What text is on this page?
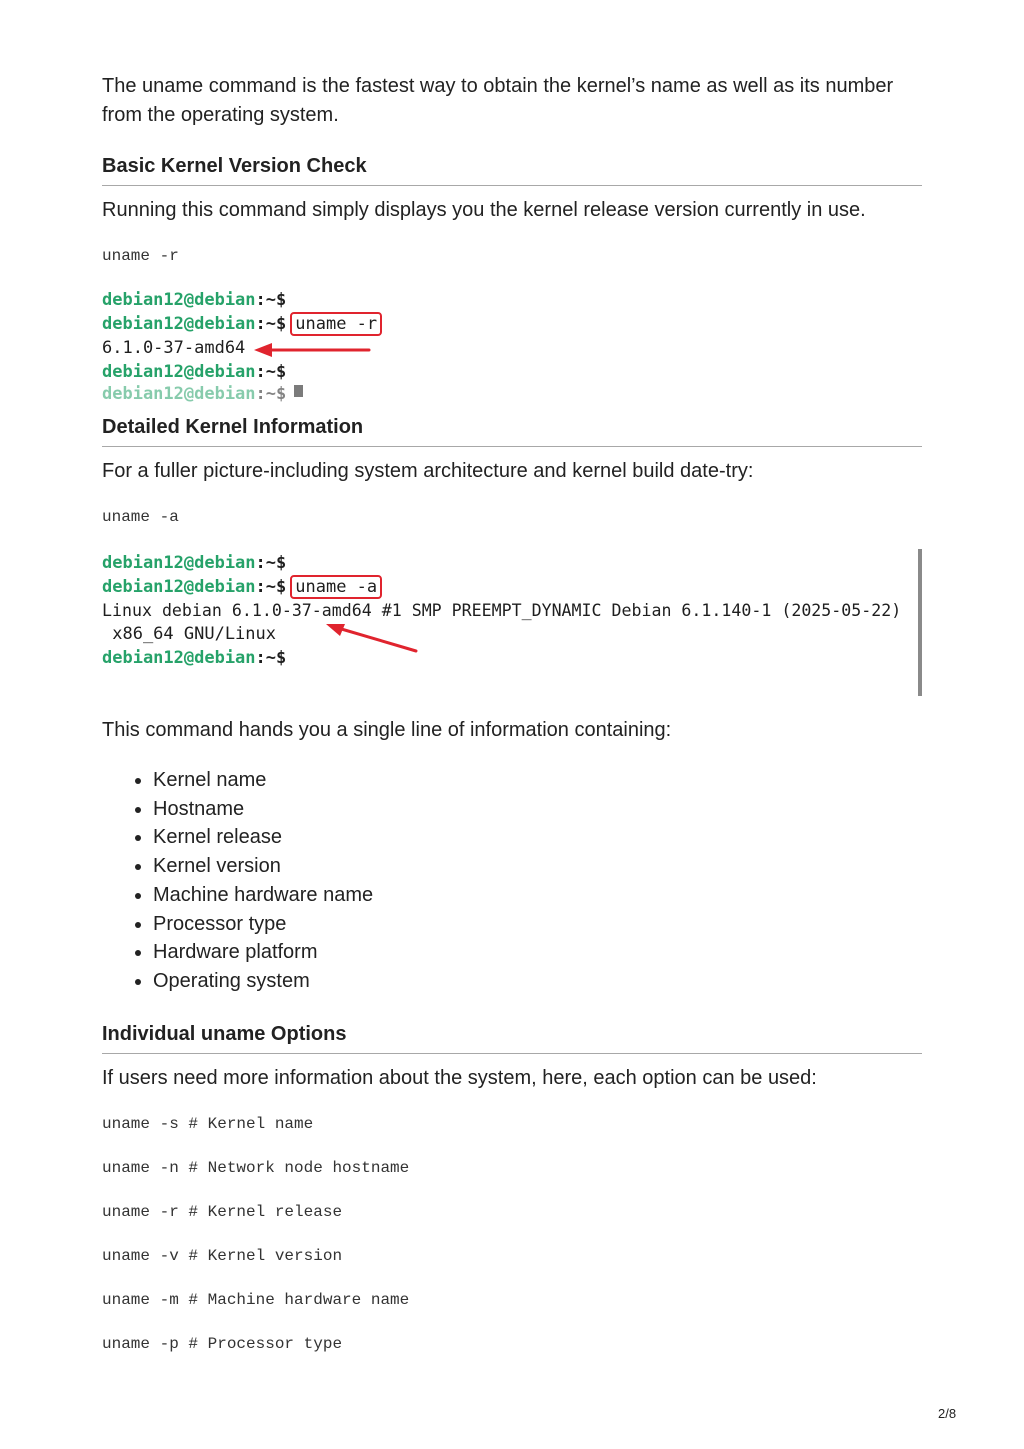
The uname command is the fastest way to obtain the kernel’s name as well as its number from the operating system.

Basic Kernel Version Check

Running this command simply displays you the kernel release version currently in use.

uname -r
debian12@debian:~$
debian12@debian:~$ uname -r
6.1.0-37-amd64
debian12@debian:~$
debian12@debian:~$
Detailed Kernel Information

For a fuller picture-including system architecture and kernel build date-try:

uname -a
debian12@debian:~$
debian12@debian:~$ uname -a
Linux debian 6.1.0-37-amd64 #1 SMP PREEMPT_DYNAMIC Debian 6.1.140-1 (2025-05-22)
x86_64 GNU/Linux
debian12@debian:~$

This command hands you a single line of information containing:

Kernel name
Hostname
Kernel release
Kernel version
Machine hardware name
Processor type
Hardware platform
Operating system
Individual uname Options

If users need more information about the system, here, each option can be used:

uname -s # Kernel name
uname -n # Network node hostname
uname -r # Kernel release
uname -v # Kernel version
uname -m # Machine hardware name
uname -p # Processor type
2/8
